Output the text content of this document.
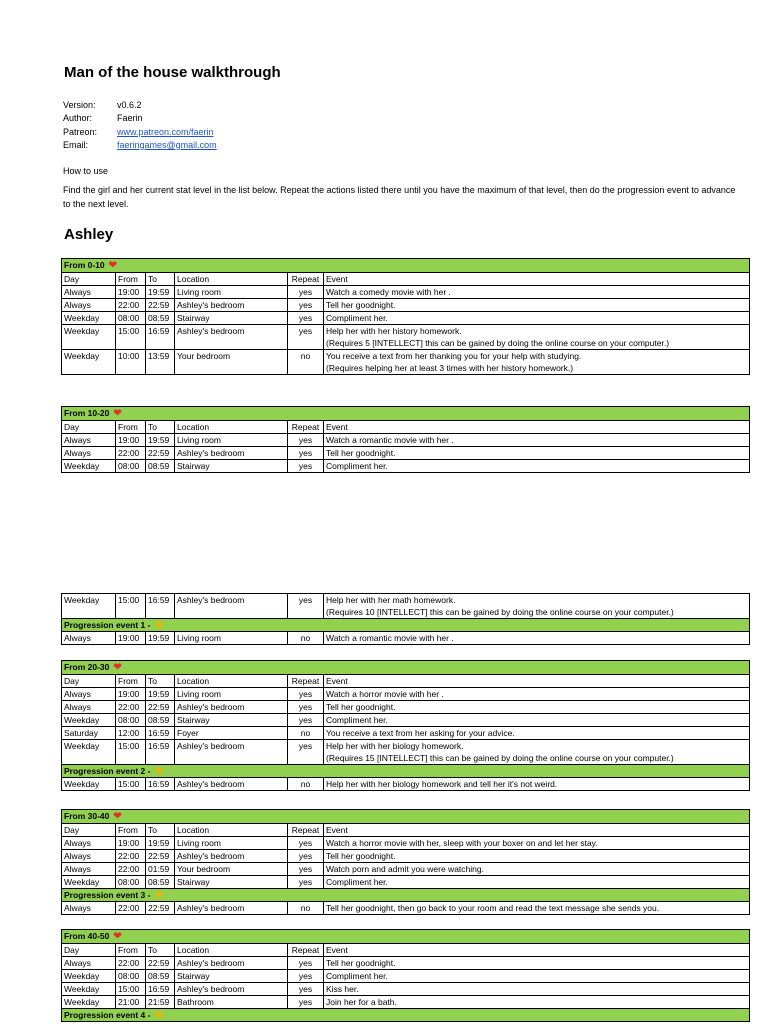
Man of the house walkthrough
Version:	v0.6.2
Author:	Faerin
Patreon:	www.patreon.com/faerin
Email:	faeringames@gmail.com
How to use
Find the girl and her current stat level in the list below. Repeat the actions listed there until you have the maximum of that level, then do the progression event to advance to the next level.
Ashley
From 0-10 ❤					
Day	From	To	Location	Repeat	Event
Always	19:00	19:59	Living room	yes	Watch a comedy movie with her .
Always	22:00	22:59	Ashley's bedroom	yes	Tell her goodnight.
Weekday	08:00	08:59	Stairway	yes	Compliment her.
Weekday	15:00	16:59	Ashley's bedroom	yes	Help her with her history homework.
(Requires 5 [INTELLECT] this can be gained by doing the online course on your computer.)
Weekday	10:00	13:59	Your bedroom	no	You receive a text from her thanking you for your help with studying.
(Requires helping her at least 3 times with her history homework.)
From 10-20 ❤					
Day	From	To	Location	Repeat	Event
Always	19:00	19:59	Living room	yes	Watch a romantic movie with her .
Always	22:00	22:59	Ashley's bedroom	yes	Tell her goodnight.
Weekday	08:00	08:59	Stairway	yes	Compliment her.
Weekday	15:00	16:59	Ashley's bedroom	yes	Help her with her math homework.
(Requires 10 [INTELLECT] this can be gained by doing the online course on your computer.)
Progression event 1 - ★					
Always	19:00	19:59	Living room	no	Watch a romantic movie with her .
From 20-30 ❤					
Day	From	To	Location	Repeat	Event
Always	19:00	19:59	Living room	yes	Watch a horror movie with her .
Always	22:00	22:59	Ashley's bedroom	yes	Tell her goodnight.
Weekday	08:00	08:59	Stairway	yes	Compliment her.
Saturday	12:00	16:59	Foyer	no	You receive a text from her asking for your advice.
Weekday	15:00	16:59	Ashley's bedroom	yes	Help her with her biology homework.
(Requires 15 [INTELLECT] this can be gained by doing the online course on your computer.)
Progression event 2 - ★					
Weekday	15:00	16:59	Ashley's bedroom	no	Help her with her biology homework and tell her it's not weird.
From 30-40 ❤					
Day	From	To	Location	Repeat	Event
Always	19:00	19:59	Living room	yes	Watch a horror movie with her, sleep with your boxer on and let her stay.
Always	22:00	22:59	Ashley's bedroom	yes	Tell her goodnight.
Always	22:00	01:59	Your bedroom	yes	Watch porn and admit you were watching.
Weekday	08:00	08:59	Stairway	yes	Compliment her.
Progression event 3 - ★					
Always	22:00	22:59	Ashley's bedroom	no	Tell her goodnight, then go back to your room and read the text message she sends you.
From 40-50 ❤					
Day	From	To	Location	Repeat	Event
Always	22:00	22:59	Ashley's bedroom	yes	Tell her goodnight.
Weekday	08:00	08:59	Stairway	yes	Compliment her.
Weekday	15:00	16:59	Ashley's bedroom	yes	Kiss her.
Weekday	21:00	21:59	Bathroom	yes	Join her for a bath.
Progression event 4 - ★					
